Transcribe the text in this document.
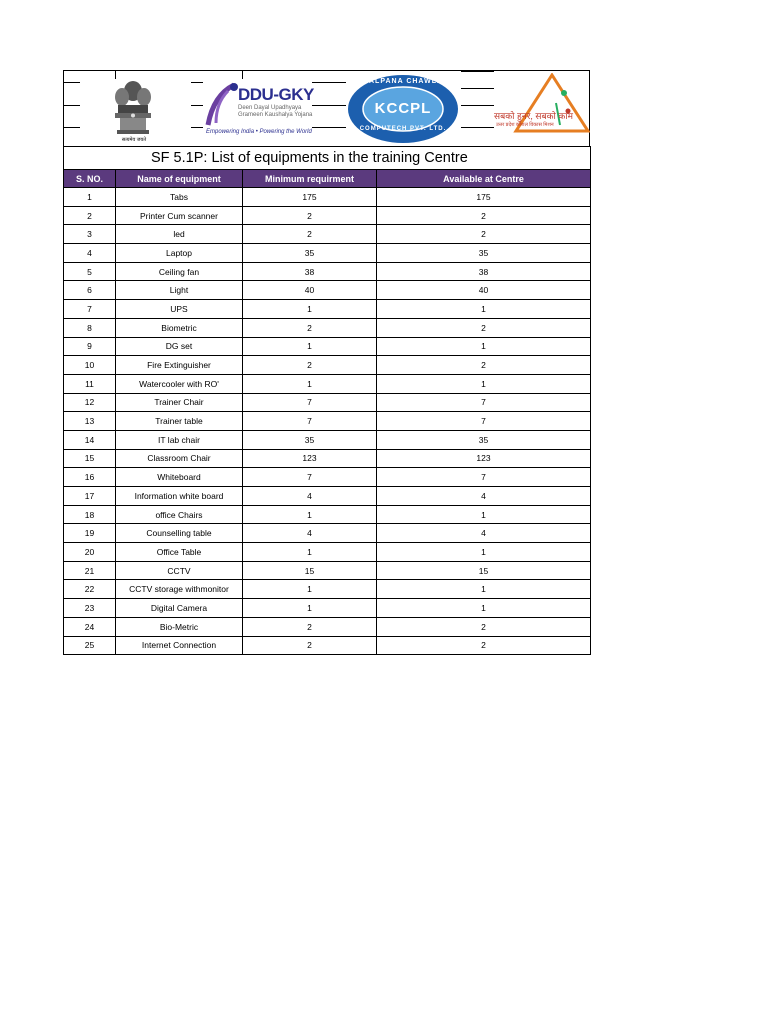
सत्यमेव जयते
DDU-GKY
Deen Dayal Upadhyaya Grameen Kaushalya Yojana
Empowering India • Powering the World
KALPANA CHAWLA
KCCPL
COMPUTECH PVT. LTD.
सबको हुनर, सबको काम
उत्तर प्रदेश कौशल विकास मिशन
SF 5.1P: List of equipments in the training Centre			
S. NO.	Name of equipment	Minimum requirment	Available at Centre
1	Tabs	175	175
2	Printer Cum scanner	2	2
3	led	2	2
4	Laptop	35	35
5	Ceiling fan	38	38
6	Light	40	40
7	UPS	1	1
8	Biometric	2	2
9	DG set	1	1
10	Fire Extinguisher	2	2
11	Watercooler with RO'	1	1
12	Trainer Chair	7	7
13	Trainer table	7	7
14	IT lab chair	35	35
15	Classroom Chair	123	123
16	Whiteboard	7	7
17	Information white board	4	4
18	office Chairs	1	1
19	Counselling table	4	4
20	Office Table	1	1
21	CCTV	15	15
22	CCTV storage withmonitor	1	1
23	Digital Camera	1	1
24	Bio-Metric	2	2
25	Internet Connection	2	2
